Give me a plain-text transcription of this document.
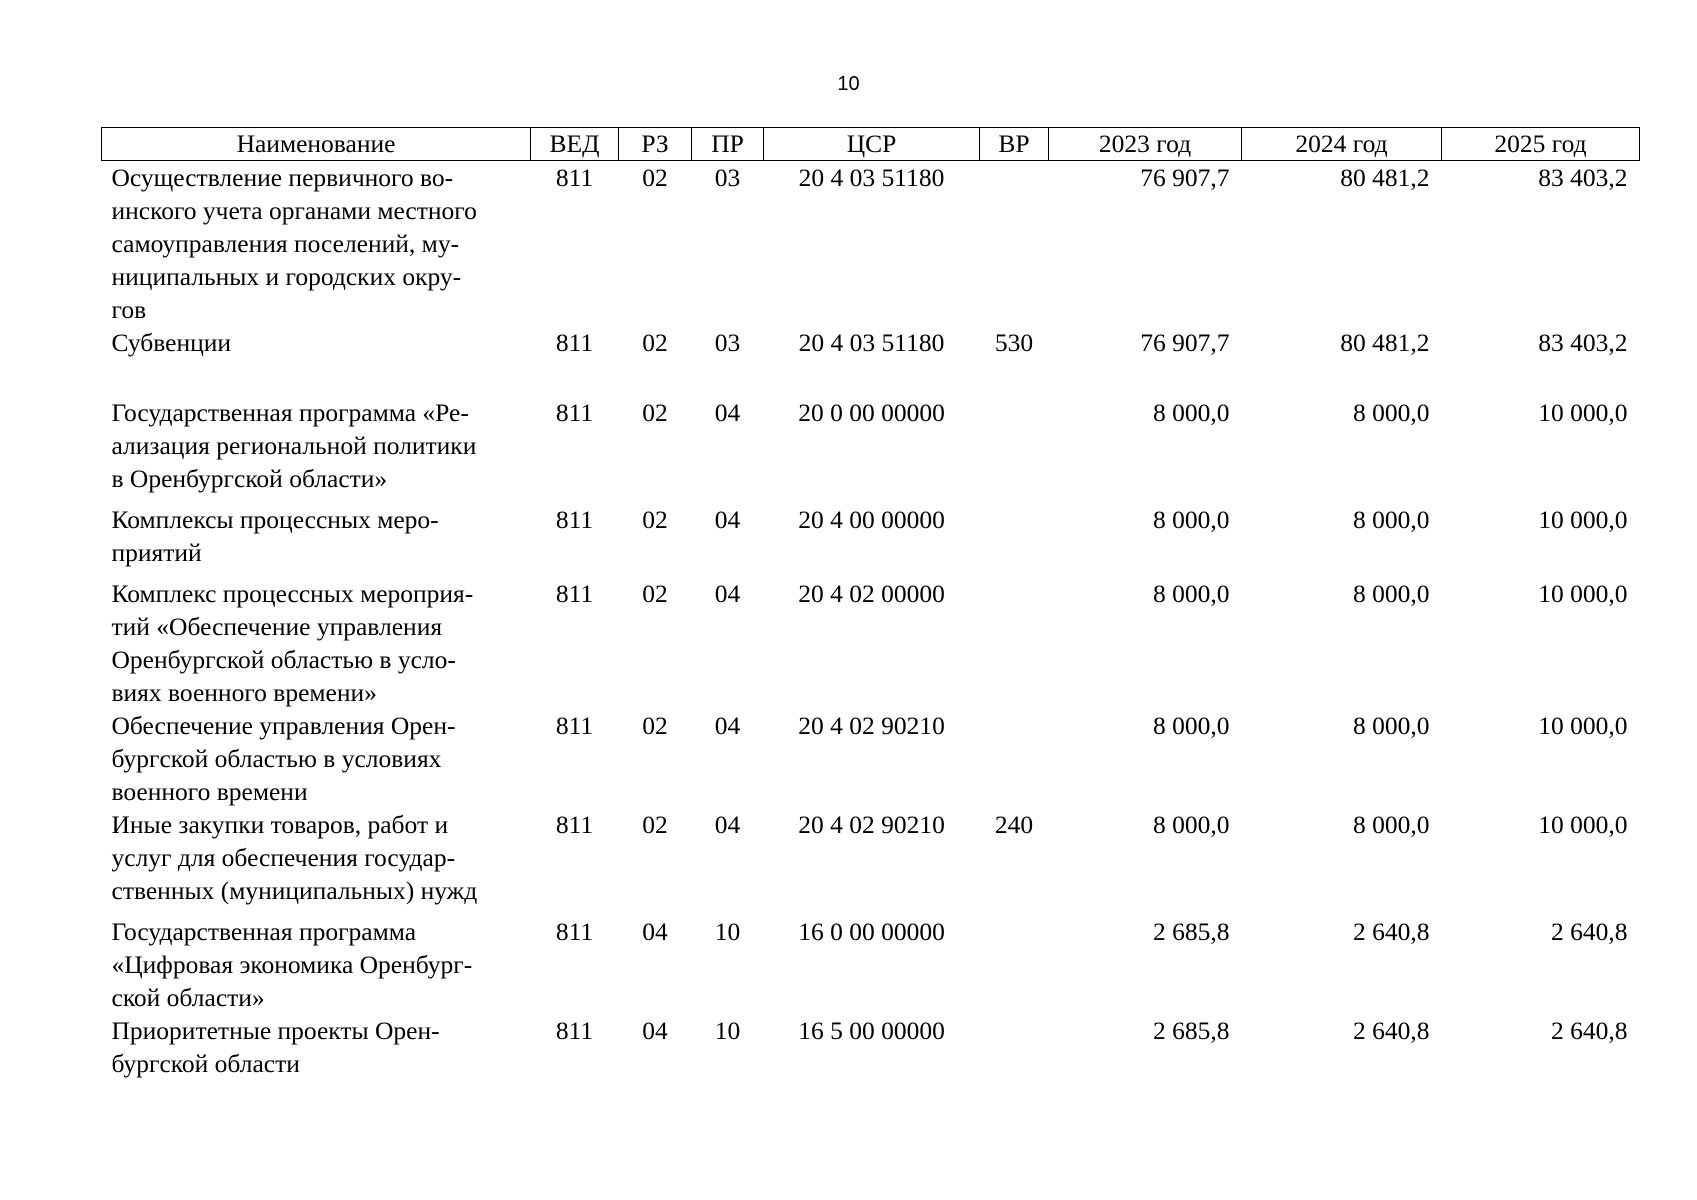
10
Наименование	ВЕД	РЗ	ПР	ЦСР	ВР	2023 год	2024 год	2025 год

Осуществление первичного во-
инского учета органами местного
самоуправления поселений, му-
ниципальных и городских окру-
гов	811	02	03	20 4 03 51180		76 907,7	80 481,2	83 403,2

Субвенции	811	02	03	20 4 03 51180	530	76 907,7	80 481,2	83 403,2

Государственная программа «Ре-
ализация региональной политики
в Оренбургской области»	811	02	04	20 0 00 00000		8 000,0	8 000,0	10 000,0

Комплексы процессных меро-
приятий	811	02	04	20 4 00 00000		8 000,0	8 000,0	10 000,0

Комплекс процессных мероприя-
тий «Обеспечение управления
Оренбургской областью в усло-
виях военного времени»	811	02	04	20 4 02 00000		8 000,0	8 000,0	10 000,0

Обеспечение управления Орен-
бургской областью в условиях
военного времени	811	02	04	20 4 02 90210		8 000,0	8 000,0	10 000,0

Иные закупки товаров, работ и
услуг для обеспечения государ-
ственных (муниципальных) нужд	811	02	04	20 4 02 90210	240	8 000,0	8 000,0	10 000,0

Государственная программа
«Цифровая экономика Оренбург-
ской области»	811	04	10	16 0 00 00000		2 685,8	2 640,8	2 640,8

Приоритетные проекты Орен-
бургской области	811	04	10	16 5 00 00000		2 685,8	2 640,8	2 640,8
